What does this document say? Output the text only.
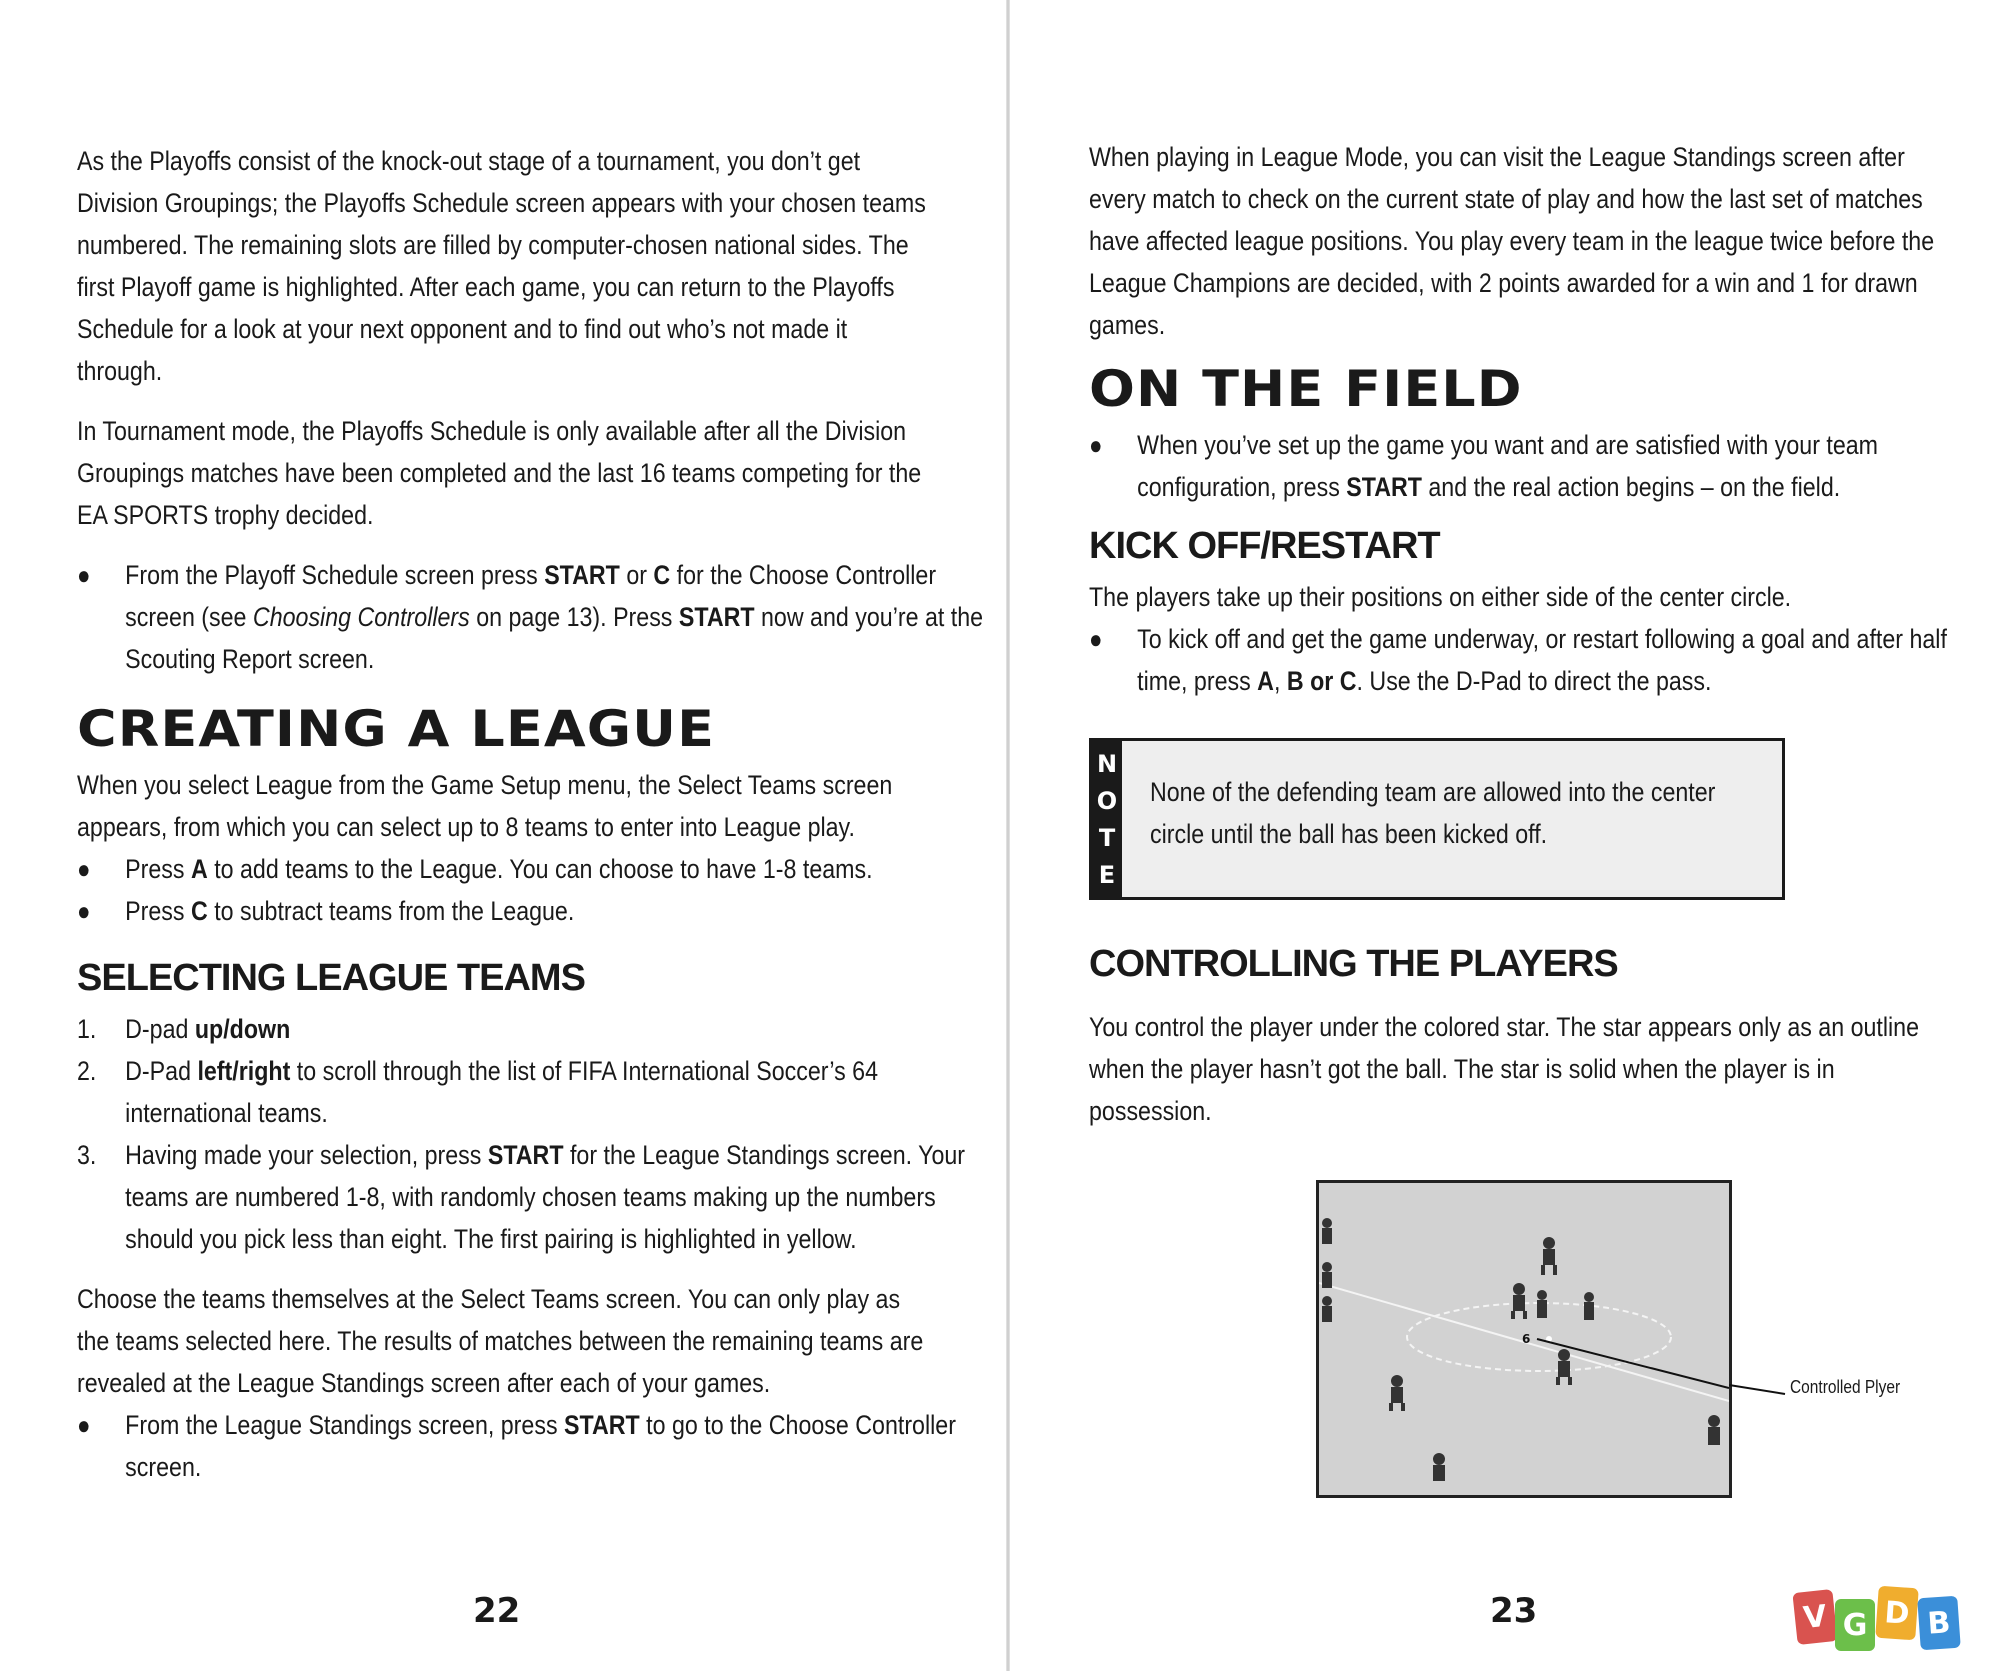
As the Playoffs consist of the knock-out stage of a tournament, you don’t get Division Groupings; the Playoffs Schedule screen appears with your chosen teams numbered. The remaining slots are filled by computer-chosen national sides. The first Playoff game is highlighted. After each game, you can return to the Playoffs Schedule for a look at your next opponent and to find out who’s not made it through.

In Tournament mode, the Playoffs Schedule is only available after all the Division Groupings matches have been completed and the last 16 teams competing for the EA SPORTS trophy decided.

● From the Playoff Schedule screen press START or C for the Choose Controller screen (see Choosing Controllers on page 13). Press START now and you’re at the Scouting Report screen.
CREATING A LEAGUE

When you select League from the Game Setup menu, the Select Teams screen appears, from which you can select up to 8 teams to enter into League play.

● Press A to add teams to the League. You can choose to have 1-8 teams.
● Press C to subtract teams from the League.
SELECTING LEAGUE TEAMS
1. D-pad up/down
2. D-Pad left/right to scroll through the list of FIFA International Soccer’s 64 international teams.
3. Having made your selection, press START for the League Standings screen. Your teams are numbered 1-8, with randomly chosen teams making up the numbers should you pick less than eight. The first pairing is highlighted in yellow.

Choose the teams themselves at the Select Teams screen. You can only play as the teams selected here. The results of matches between the remaining teams are revealed at the League Standings screen after each of your games.

● From the League Standings screen, press START to go to the Choose Controller screen.
22

When playing in League Mode, you can visit the League Standings screen after every match to check on the current state of play and how the last set of matches have affected league positions. You play every team in the league twice before the League Champions are decided, with 2 points awarded for a win and 1 for drawn games.

ON THE FIELD
● When you’ve set up the game you want and are satisfied with your team configuration, press START and the real action begins – on the field.
KICK OFF/RESTART

The players take up their positions on either side of the center circle.

● To kick off and get the game underway, or restart following a goal and after half time, press A, B or C. Use the D-Pad to direct the pass.
N
O
T
E

None of the defending team are allowed into the center circle until the ball has been kicked off.

CONTROLLING THE PLAYERS

You control the player under the colored star. The star appears only as an outline when the player hasn’t got the ball. The star is solid when the player is in possession.

6
Controlled Plyer
23	V G D B
